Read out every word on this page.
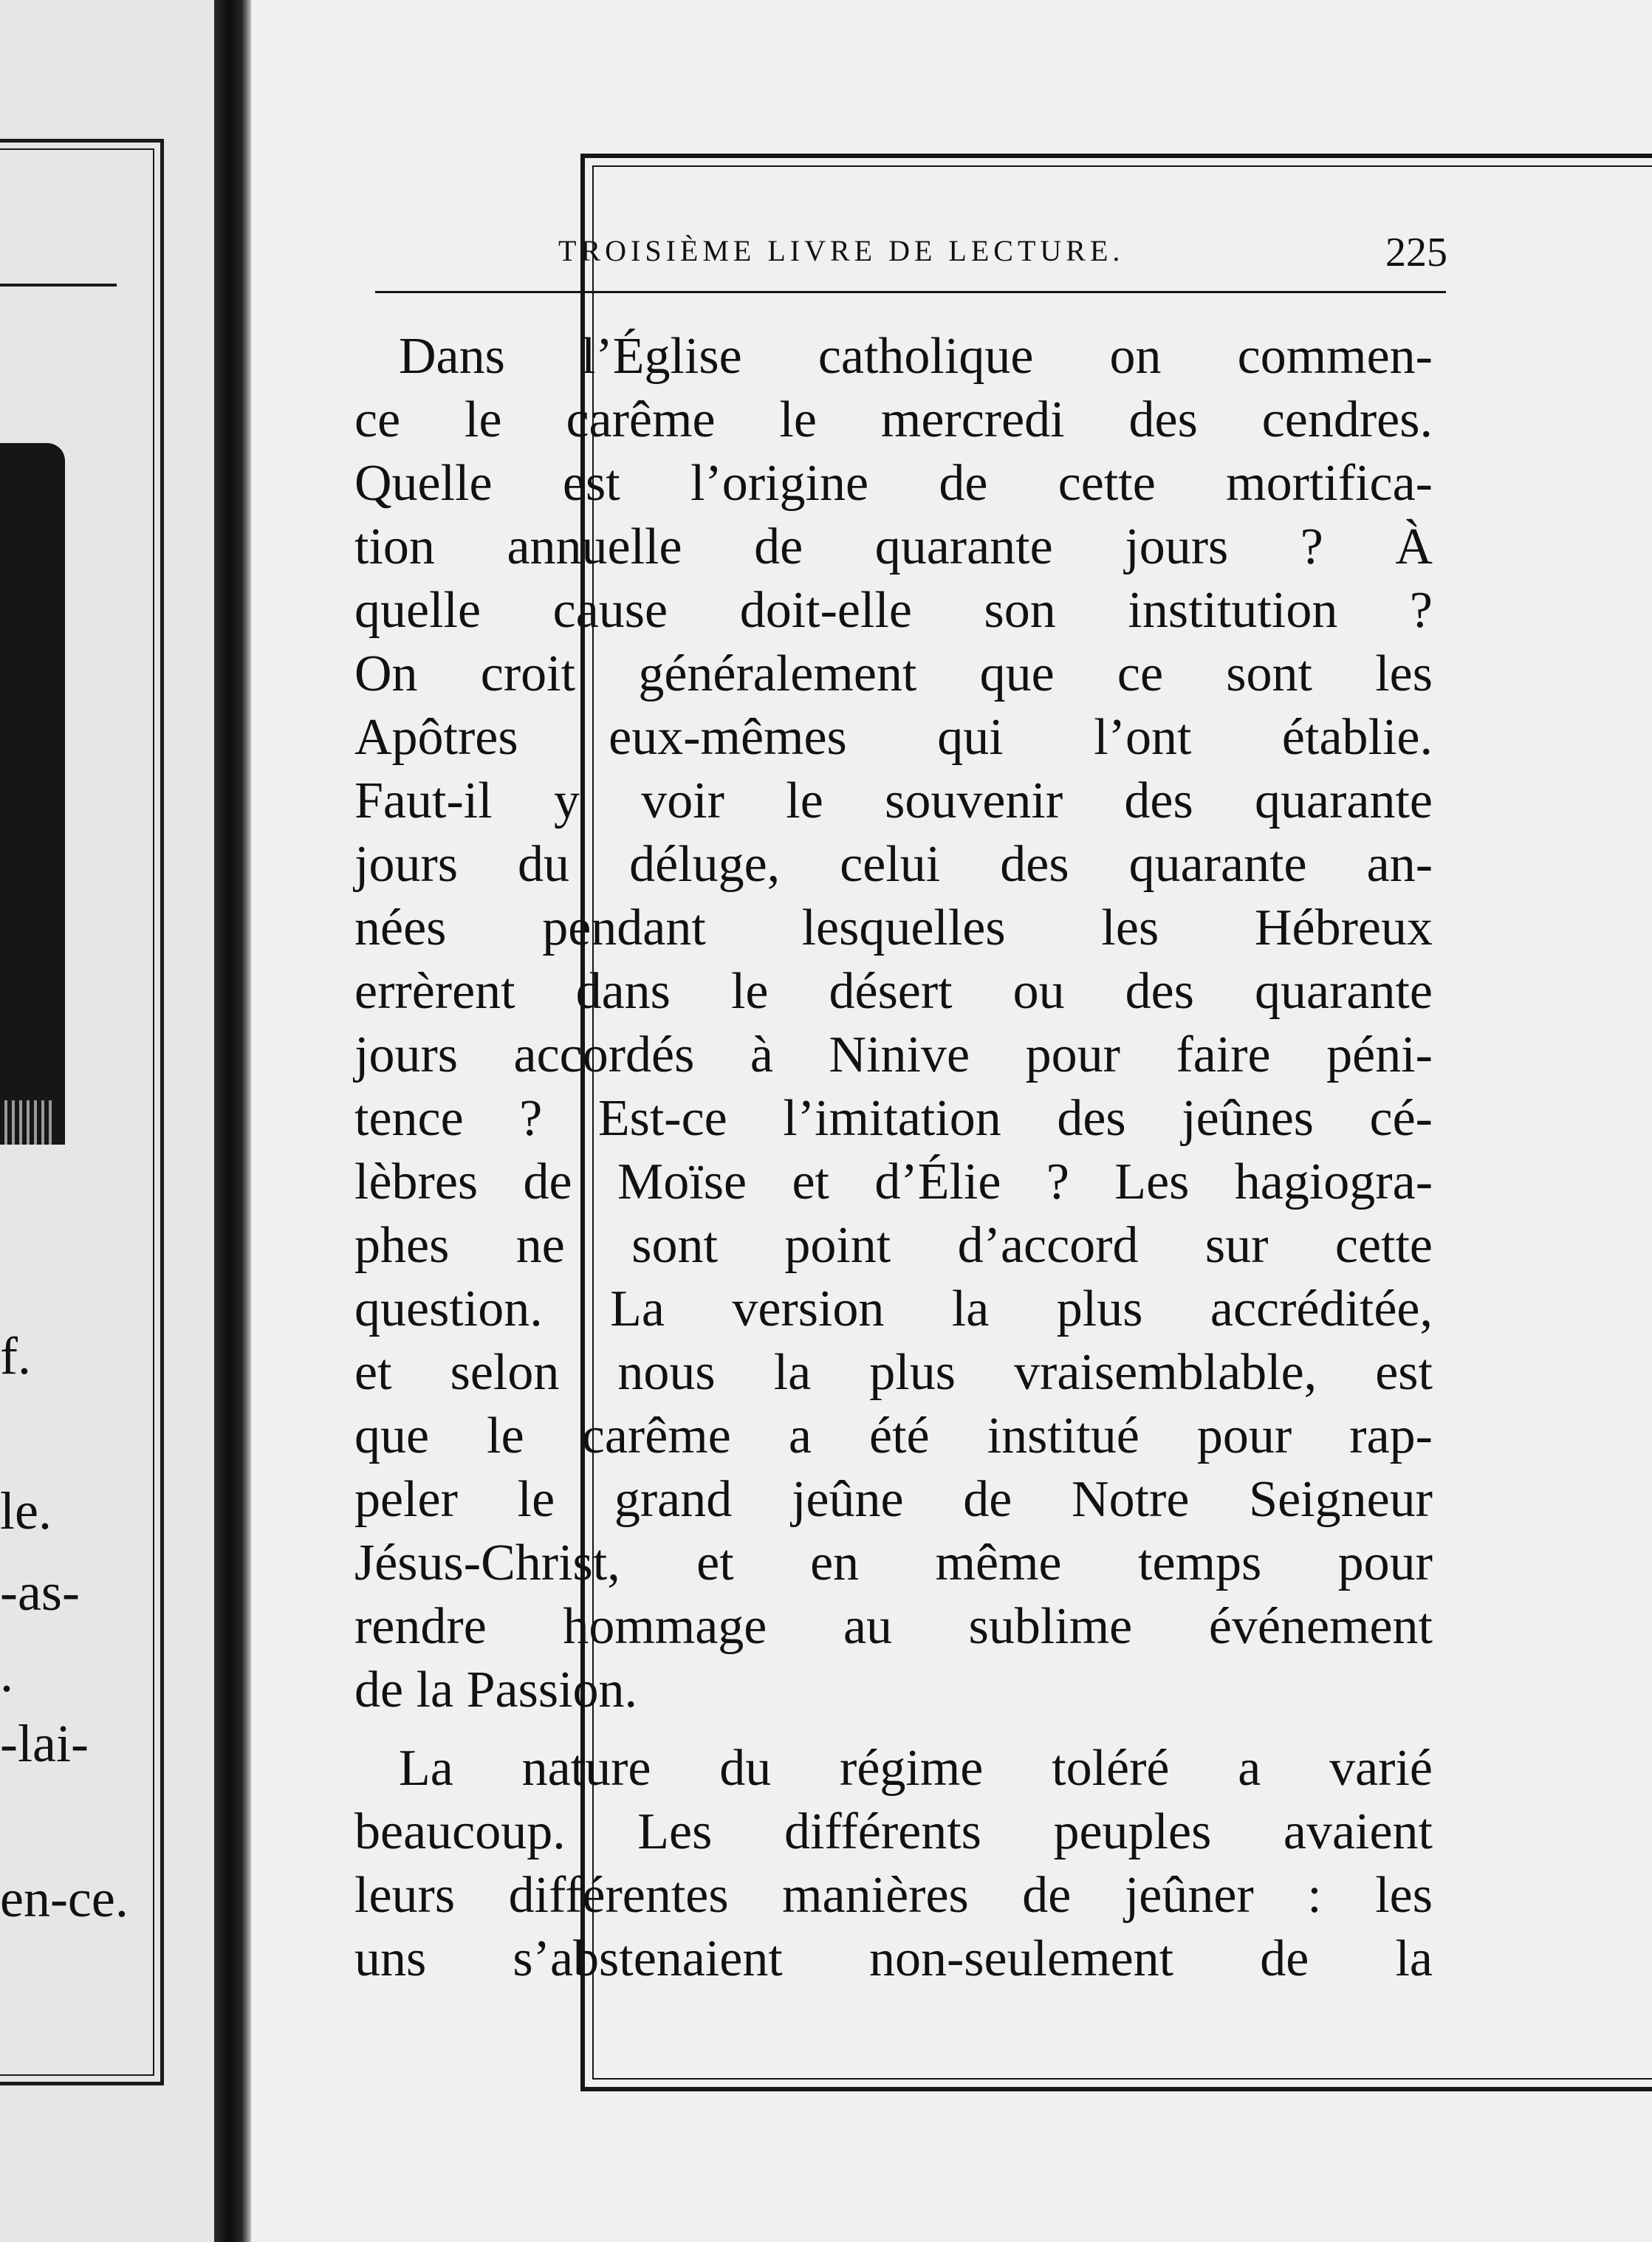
f.
le.
-as-
.
-lai-
en-ce.
TROISIÈME LIVRE DE LECTURE.	225

Dans l’Église catholique on commen-
ce le carême le mercredi des cendres.
Quelle est l’origine de cette mortifica-
tion annuelle de quarante jours ? À
quelle cause doit-elle son institution ?
On croit généralement que ce sont les
Apôtres eux-mêmes qui l’ont établie.
Faut-il y voir le souvenir des quarante
jours du déluge, celui des quarante an-
nées pendant lesquelles les Hébreux
errèrent dans le désert ou des quarante
jours accordés à Ninive pour faire péni-
tence ? Est-ce l’imitation des jeûnes cé-
lèbres de Moïse et d’Élie ? Les hagiogra-
phes ne sont point d’accord sur cette
question. La version la plus accréditée,
et selon nous la plus vraisemblable, est
que le carême a été institué pour rap-
peler le grand jeûne de Notre Seigneur
Jésus-Christ, et en même temps pour
rendre hommage au sublime événement
de la Passion.

La nature du régime toléré a varié
beaucoup. Les différents peuples avaient
leurs différentes manières de jeûner : les
uns s’abstenaient non-seulement de la
